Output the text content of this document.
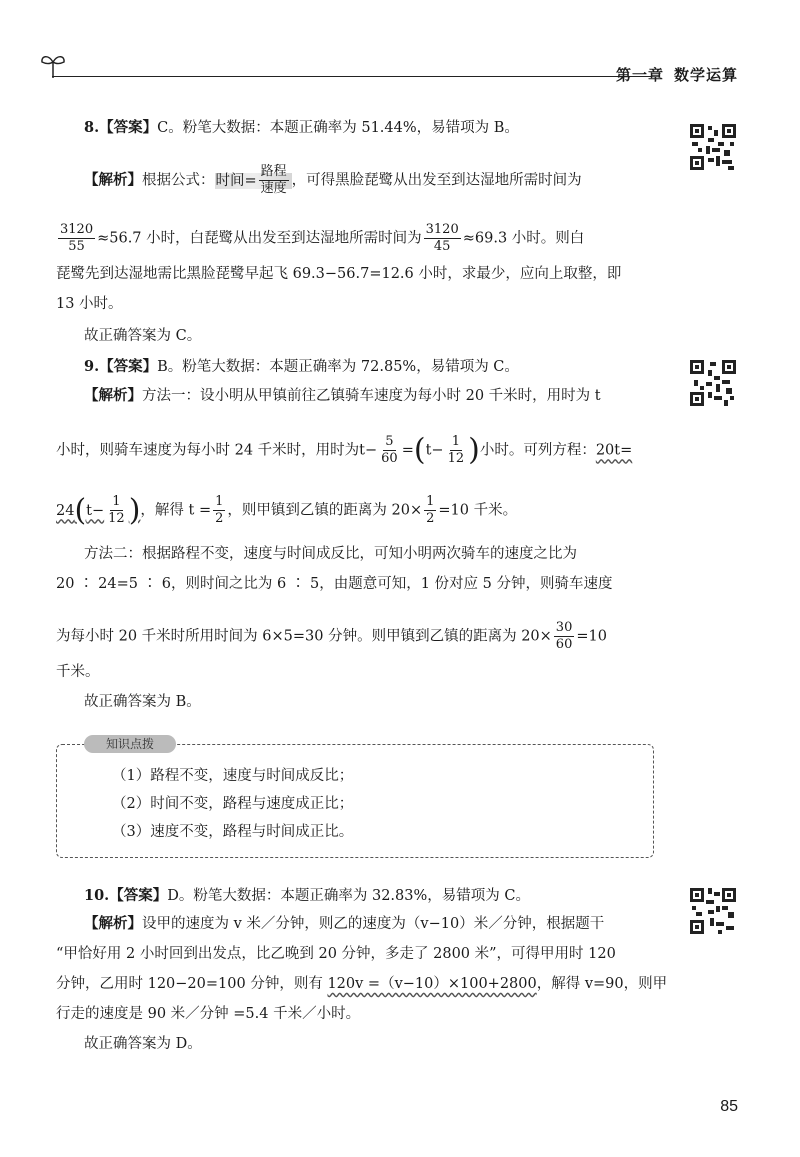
第一章 数学运算

8.【答案】C。粉笔大数据：本题正确率为 51.44%，易错项为 B。

【解析】根据公式：时间= $\frac{\text{路程}}{\text{速度}}$ ，可得黑脸琵鹭从出发至到达湿地所需时间为

$\frac{3120}{55} \approx 56.7$ 小时，白琵鹭从出发至到达湿地所需时间为 $\frac{3120}{45} \approx 69.3$ 小时。则白

琵鹭先到达湿地需比黑脸琵鹭早起飞 69.3−56.7=12.6 小时，求最少，应向上取整，即

13 小时。

故正确答案为 C。

9.【答案】B。粉笔大数据：本题正确率为 72.85%，易错项为 C。

【解析】方法一：设小明从甲镇前往乙镇骑车速度为每小时 20 千米时，用时为 t

小时，则骑车速度为每小时 24 千米时，用时为$t- \frac{5}{60} =(t- \frac{1}{12}$ )小时。可列方程：20t=

$24(t- \frac{1}{12}$ )，解得 $t = \frac{1}{2}$ ，则甲镇到乙镇的距离为 $20\times \frac{1}{2} =10$ 千米。

方法二：根据路程不变，速度与时间成反比，可知小明两次骑车的速度之比为

20 ∶ 24=5 ∶ 6，则时间之比为 6 ∶ 5，由题意可知，1 份对应 5 分钟，则骑车速度

为每小时 20 千米时所用时间为 6×5=30 分钟。则甲镇到乙镇的距离为 $20\times \frac{30}{60} =10$

千米。

故正确答案为 B。

知识点拨

（1）路程不变，速度与时间成反比；

（2）时间不变，路程与速度成正比；

（3）速度不变，路程与时间成正比。

10.【答案】D。粉笔大数据：本题正确率为 32.83%，易错项为 C。

【解析】设甲的速度为 v 米／分钟，则乙的速度为（v−10）米／分钟，根据题干

“甲恰好用 2 小时回到出发点，比乙晚到 20 分钟，多走了 2800 米”，可得甲用时 120

分钟，乙用时 120−20=100 分钟，则有 120v =（v−10）×100+2800，解得 v=90，则甲

行走的速度是 90 米／分钟 =5.4 千米／小时。

故正确答案为 D。

85
